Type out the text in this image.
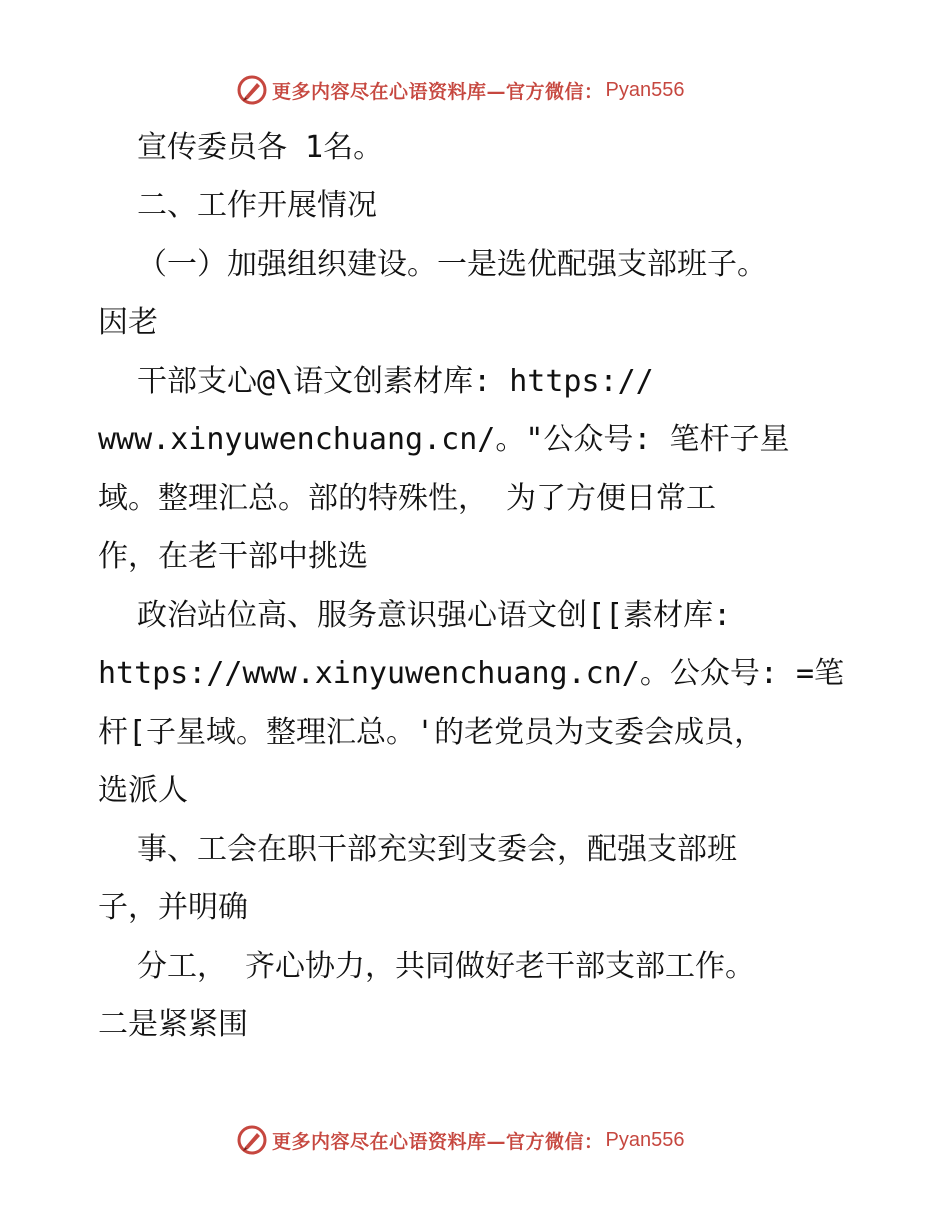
更多内容尽在心语资料库—官方微信： Pyan556

宣传委员各 1名。

二、工作开展情况

（一）加强组织建设。一是选优配强支部班子。

因老

干部支心@\语文创素材库: https://

www.xinyuwenchuang.cn/。"公众号: 笔杆子星

域。整理汇总。部的特殊性， 为了方便日常工

作，在老干部中挑选

政治站位高、服务意识强心语文创[[素材库:

https://www.xinyuwenchuang.cn/。公众号: =笔

杆[子星域。整理汇总。'的老党员为支委会成员，

选派人

事、工会在职干部充实到支委会，配强支部班

子，并明确

分工， 齐心协力，共同做好老干部支部工作。

二是紧紧围

更多内容尽在心语资料库—官方微信： Pyan556
